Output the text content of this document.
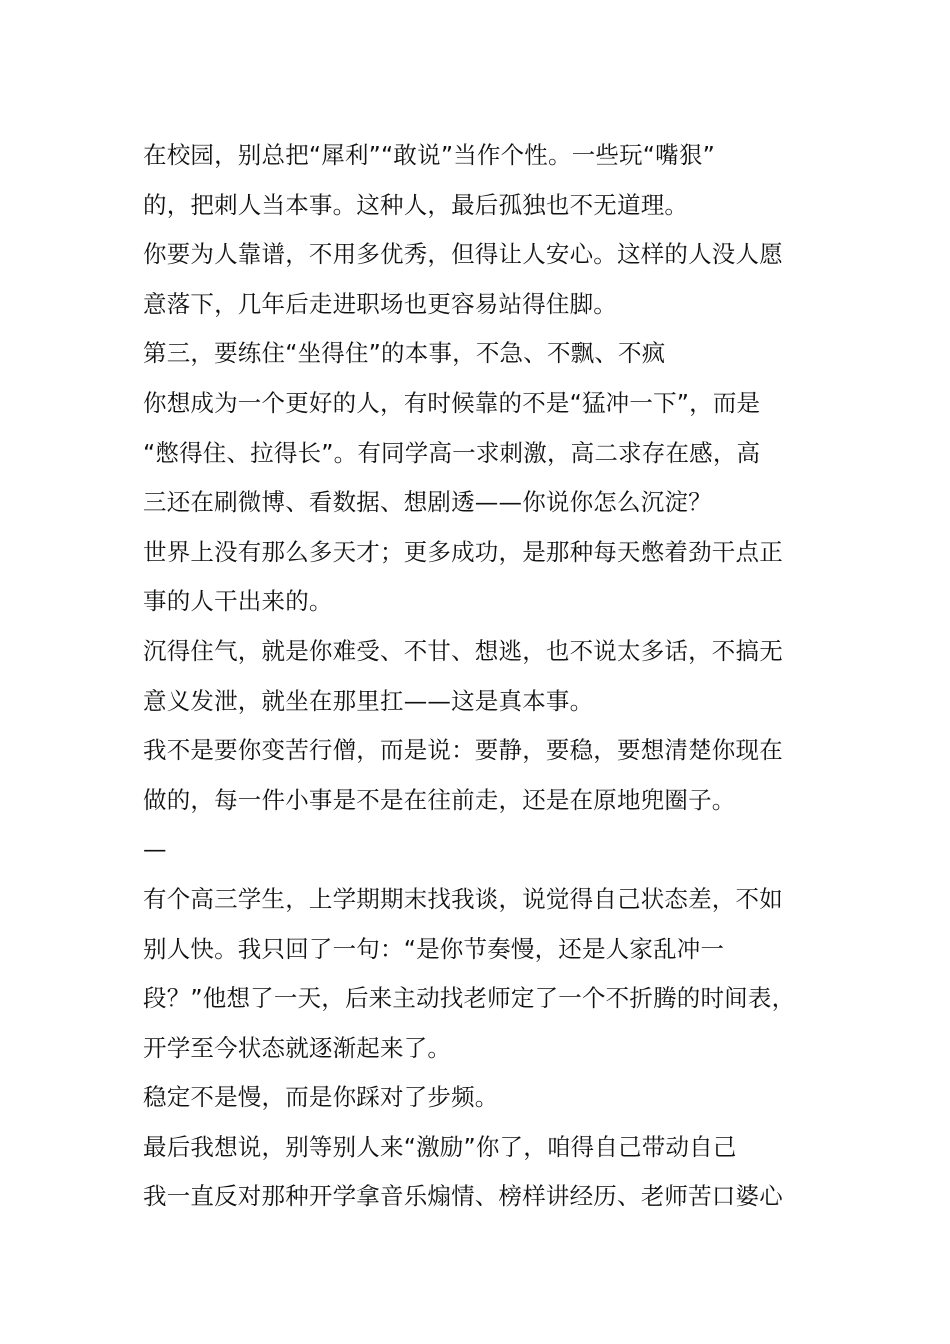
在校园，别总把“犀利”“敢说”当作个性。一些玩“嘴狠”
的，把刺人当本事。这种人，最后孤独也不无道理。
你要为人靠谱，不用多优秀，但得让人安心。这样的人没人愿
意落下，几年后走进职场也更容易站得住脚。
第三，要练住“坐得住”的本事，不急、不飘、不疯
你想成为一个更好的人，有时候靠的不是“猛冲一下”，而是
“憋得住、拉得长”。有同学高一求刺激，高二求存在感，高
三还在刷微博、看数据、想剧透——你说你怎么沉淀？
世界上没有那么多天才；更多成功，是那种每天憋着劲干点正
事的人干出来的。
沉得住气，就是你难受、不甘、想逃，也不说太多话，不搞无
意义发泄，就坐在那里扛——这是真本事。
我不是要你变苦行僧，而是说：要静，要稳，要想清楚你现在
做的，每一件小事是不是在往前走，还是在原地兜圈子。
—
有个高三学生，上学期期末找我谈，说觉得自己状态差，不如
别人快。我只回了一句：“是你节奏慢，还是人家乱冲一
段？”他想了一天，后来主动找老师定了一个不折腾的时间表，
开学至今状态就逐渐起来了。
稳定不是慢，而是你踩对了步频。
最后我想说，别等别人来“激励”你了，咱得自己带动自己
我一直反对那种开学拿音乐煽情、榜样讲经历、老师苦口婆心
